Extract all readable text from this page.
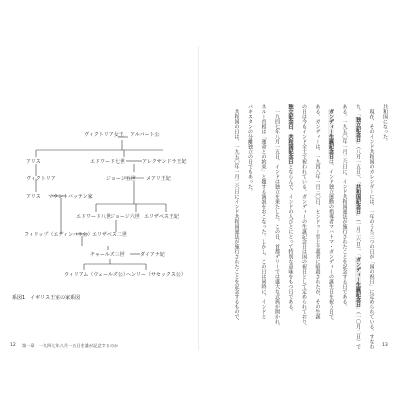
ヴィクトリア女王 アルバート公
アリス	エドワード七世	アレクサンドラ王妃
ヴィクトリア	ジョージ五世 メアリ王妃
アリス マウントバッテン家
エドワード八世
ジョージ六世 エリザベス王妃
フィリップ（エディンバラ公） エリザベス二世
チャールズ三世	ダイアナ妃
ウィリアム（ウェールズ公）
ヘンリー（サセックス公）
系図1　イギリス王室の家系図
共和国になった。
　現在、そのインド共和国のカレンダーには、一年のうち三つの日が「国の祝日」に定められている。すなわ
ち、「独立記念日」（八月一五日）、「共和国記念日」（一月二六日）、「ガンディー生誕記念日」（一〇月二日）で
ある。一九五〇年一月二六日に、インド共和国憲法が施行されたことを記念する日である。
　ガンディー生誕記念日は、インド独立運動の指導者マハトマ・ガンディーの誕生日を祝う日で、
ある。ガンディーは、一九四八年一月三〇日、ヒンドゥー至上主義者に暗殺されたが、その生誕
の日は今もインド全土で祝われている。ガンディーの生誕記念日は国の祝日として定められており、
独立記念日、共和国記念日とならんで、インドの人びとにとって特別な意味をもつ日である。
　一九四七年八月一五日、インドは独立を果たした。この日、首都デリーでは盛大な式典が開かれ、
ネルー首相は「運命との約束」と題する演説をおこなった。しかし、この日は同時に、インドと
パキスタンの分離独立の日でもあった。
　共和国の日は、一九五〇年一月二六日にインド共和国憲法が施行されたことを記念するもので、
12 第一章　一九四七年八月一五日を誰が記念するのか	13
